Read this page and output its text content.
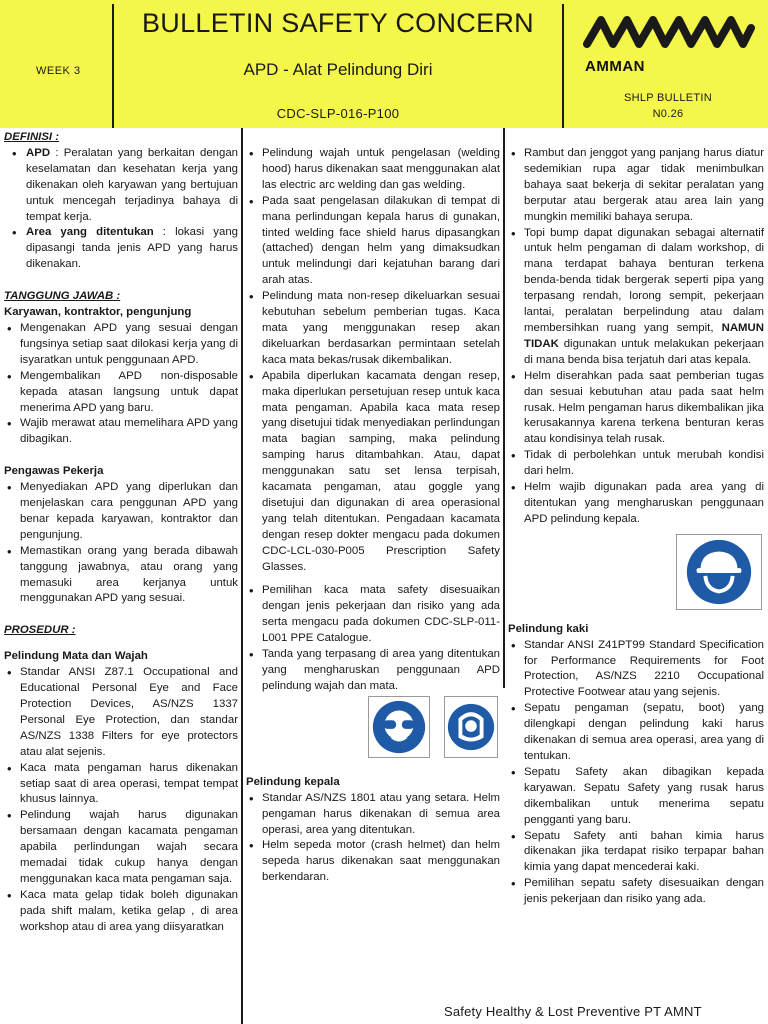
WEEK 3
BULLETIN SAFETY CONCERN
APD - Alat Pelindung Diri
CDC-SLP-016-P100
AMMAN
SHLP BULLETIN
N0.26
DEFINISI :
• APD : Peralatan yang berkaitan dengan keselamatan dan kesehatan kerja yang dikenakan oleh karyawan yang bertujuan untuk mencegah terjadinya bahaya di tempat kerja.
• Area yang ditentukan : lokasi yang dipasangi tanda jenis APD yang harus dikenakan.
TANGGUNG JAWAB :
Karyawan, kontraktor, pengunjung
• Mengenakan APD yang sesuai dengan fungsinya setiap saat dilokasi kerja yang di isyaratkan untuk penggunaan APD.
• Mengembalikan APD non-disposable kepada atasan langsung untuk dapat menerima APD yang baru.
• Wajib merawat atau memelihara APD yang dibagikan.
Pengawas Pekerja
• Menyediakan APD yang diperlukan dan menjelaskan cara penggunan APD yang benar kepada karyawan, kontraktor dan pengunjung.
• Memastikan orang yang berada dibawah tanggung jawabnya, atau orang yang memasuki area kerjanya untuk menggunakan APD yang sesuai.
PROSEDUR :
Pelindung Mata dan Wajah
• Standar ANSI Z87.1 Occupational and Educational Personal Eye and Face Protection Devices, AS/NZS 1337 Personal Eye Protection, dan standar AS/NZS 1338 Filters for eye protectors atau alat sejenis.
• Kaca mata pengaman harus dikenakan setiap saat di area operasi, tempat tempat khusus lainnya.
• Pelindung wajah harus digunakan bersamaan dengan kacamata pengaman apabila perlindungan wajah secara memadai tidak cukup hanya dengan menggunakan kaca mata pengaman saja.
• Kaca mata gelap tidak boleh digunakan pada shift malam, ketika gelap , di area workshop atau di area yang diisyaratkan
• Pelindung wajah untuk pengelasan (welding hood) harus dikenakan saat menggunakan alat las electric arc welding dan gas welding.
• Pada saat pengelasan dilakukan di tempat di mana perlindungan kepala harus di gunakan, tinted welding face shield harus dipasangkan (attached) dengan helm yang dimaksudkan untuk melindungi dari kejatuhan barang dari arah atas.
• Pelindung mata non-resep dikeluarkan sesuai kebutuhan sebelum pemberian tugas. Kaca mata yang menggunakan resep akan dikeluarkan berdasarkan permintaan setelah kaca mata bekas/rusak dikembalikan.
• Apabila diperlukan kacamata dengan resep, maka diperlukan persetujuan resep untuk kaca mata pengaman. Apabila kaca mata resep yang disetujui tidak menyediakan perlindungan mata bagian samping, maka pelindung samping harus ditambahkan. Atau, dapat menggunakan satu set lensa terpisah, kacamata pengaman, atau goggle yang disetujui dan digunakan di area operasional yang telah ditentukan. Pengadaan kacamata dengan resep dokter mengacu pada dokumen CDC-LCL-030-P005 Prescription Safety Glasses.
• Pemilihan kaca mata safety disesuaikan dengan jenis pekerjaan dan risiko yang ada serta mengacu pada dokumen CDC-SLP-011-L001 PPE Catalogue.
• Tanda yang terpasang di area yang ditentukan yang mengharuskan penggunaan APD pelindung wajah dan mata.
Pelindung kepala
• Standar AS/NZS 1801 atau yang setara. Helm pengaman harus dikenakan di semua area operasi, area yang ditentukan.
• Helm sepeda motor (crash helmet) dan helm sepeda harus dikenakan saat menggunakan berkendaran.
• Rambut dan jenggot yang panjang harus diatur sedemikian rupa agar tidak menimbulkan bahaya saat bekerja di sekitar peralatan yang berputar atau bergerak atau area lain yang mungkin memiliki bahaya serupa.
• Topi bump dapat digunakan sebagai alternatif untuk helm pengaman di dalam workshop, di mana terdapat bahaya benturan terkena benda-benda tidak bergerak seperti pipa yang terpasang rendah, lorong sempit, pekerjaan lantai, peralatan berpelindung atau dalam membersihkan ruang yang sempit, NAMUN TIDAK digunakan untuk melakukan pekerjaan di mana benda bisa terjatuh dari atas kepala.
• Helm diserahkan pada saat pemberian tugas dan sesuai kebutuhan atau pada saat helm rusak. Helm pengaman harus dikembalikan jika kerusakannya karena terkena benturan keras atau kondisinya telah rusak.
• Tidak di perbolehkan untuk merubah kondisi dari helm.
• Helm wajib digunakan pada area yang di ditentukan yang mengharuskan penggunaan APD pelindung kepala.
Pelindung kaki
• Standar ANSI Z41PT99 Standard Specification for Performance Requirements for Foot Protection, AS/NZS 2210 Occupational Protective Footwear atau yang sejenis.
• Sepatu pengaman (sepatu, boot) yang dilengkapi dengan pelindung kaki harus dikenakan di semua area operasi, area yang di tentukan.
• Sepatu Safety akan dibagikan kepada karyawan. Sepatu Safety yang rusak harus dikembalikan untuk menerima sepatu pengganti yang baru.
• Sepatu Safety anti bahan kimia harus dikenakan jika terdapat risiko terpapar bahan kimia yang dapat mencederai kaki.
• Pemilihan sepatu safety disesuaikan dengan jenis pekerjaan dan risiko yang ada.
Safety Healthy & Lost Preventive PT AMNT
